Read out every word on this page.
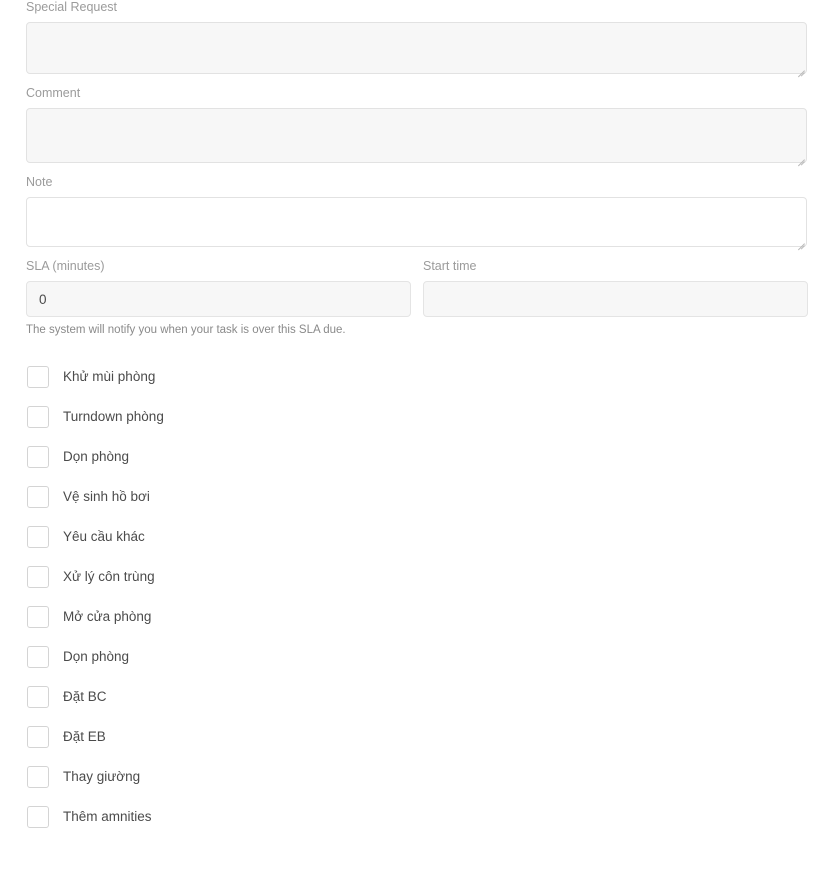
Special Request
Comment
Note
SLA (minutes)
0	Start time
The system will notify you when your task is over this SLA due.
Khử mùi phòng
Turndown phòng
Dọn phòng
Vệ sinh hồ bơi
Yêu cầu khác
Xử lý côn trùng
Mở cửa phòng
Dọn phòng
Đặt BC
Đặt EB
Thay giường
Thêm amnities
